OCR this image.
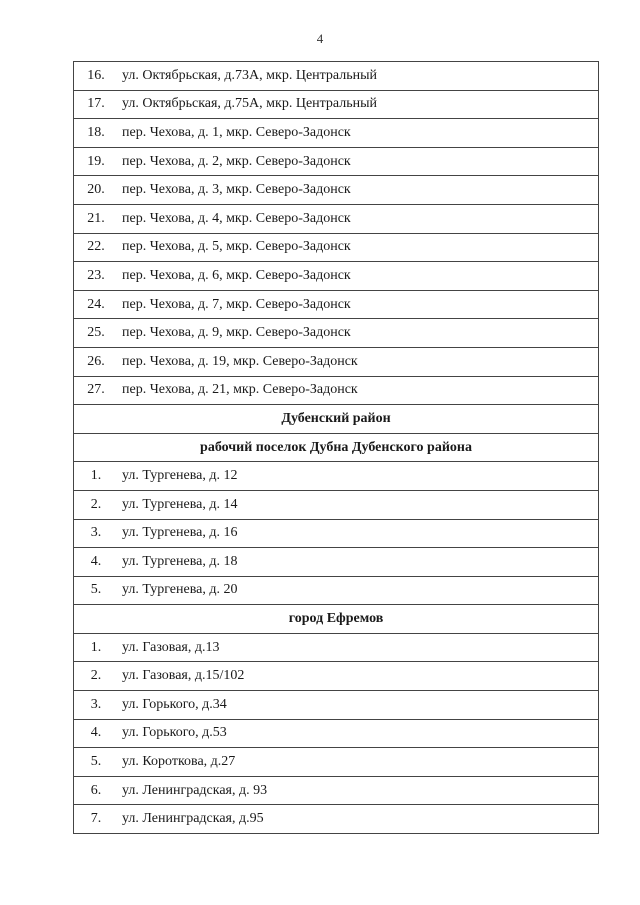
4
16.	ул. Октябрьская, д.73А, мкр. Центральный
17.	ул. Октябрьская, д.75А, мкр. Центральный
18.	пер. Чехова, д. 1, мкр. Северо-Задонск
19.	пер. Чехова, д. 2, мкр. Северо-Задонск
20.	пер. Чехова, д. 3, мкр. Северо-Задонск
21.	пер. Чехова, д. 4, мкр. Северо-Задонск
22.	пер. Чехова, д. 5, мкр. Северо-Задонск
23.	пер. Чехова, д. 6, мкр. Северо-Задонск
24.	пер. Чехова, д. 7, мкр. Северо-Задонск
25.	пер. Чехова, д. 9, мкр. Северо-Задонск
26.	пер. Чехова, д. 19, мкр. Северо-Задонск
27.	пер. Чехова, д. 21, мкр. Северо-Задонск
Дубенский район	
рабочий поселок Дубна Дубенского района	
1.	ул. Тургенева, д. 12
2.	ул. Тургенева, д. 14
3.	ул. Тургенева, д. 16
4.	ул. Тургенева, д. 18
5.	ул. Тургенева, д. 20
город Ефремов	
1.	ул. Газовая, д.13
2.	ул. Газовая, д.15/102
3.	ул. Горького, д.34
4.	ул. Горького, д.53
5.	ул. Короткова, д.27
6.	ул. Ленинградская, д. 93
7.	ул. Ленинградская, д.95
